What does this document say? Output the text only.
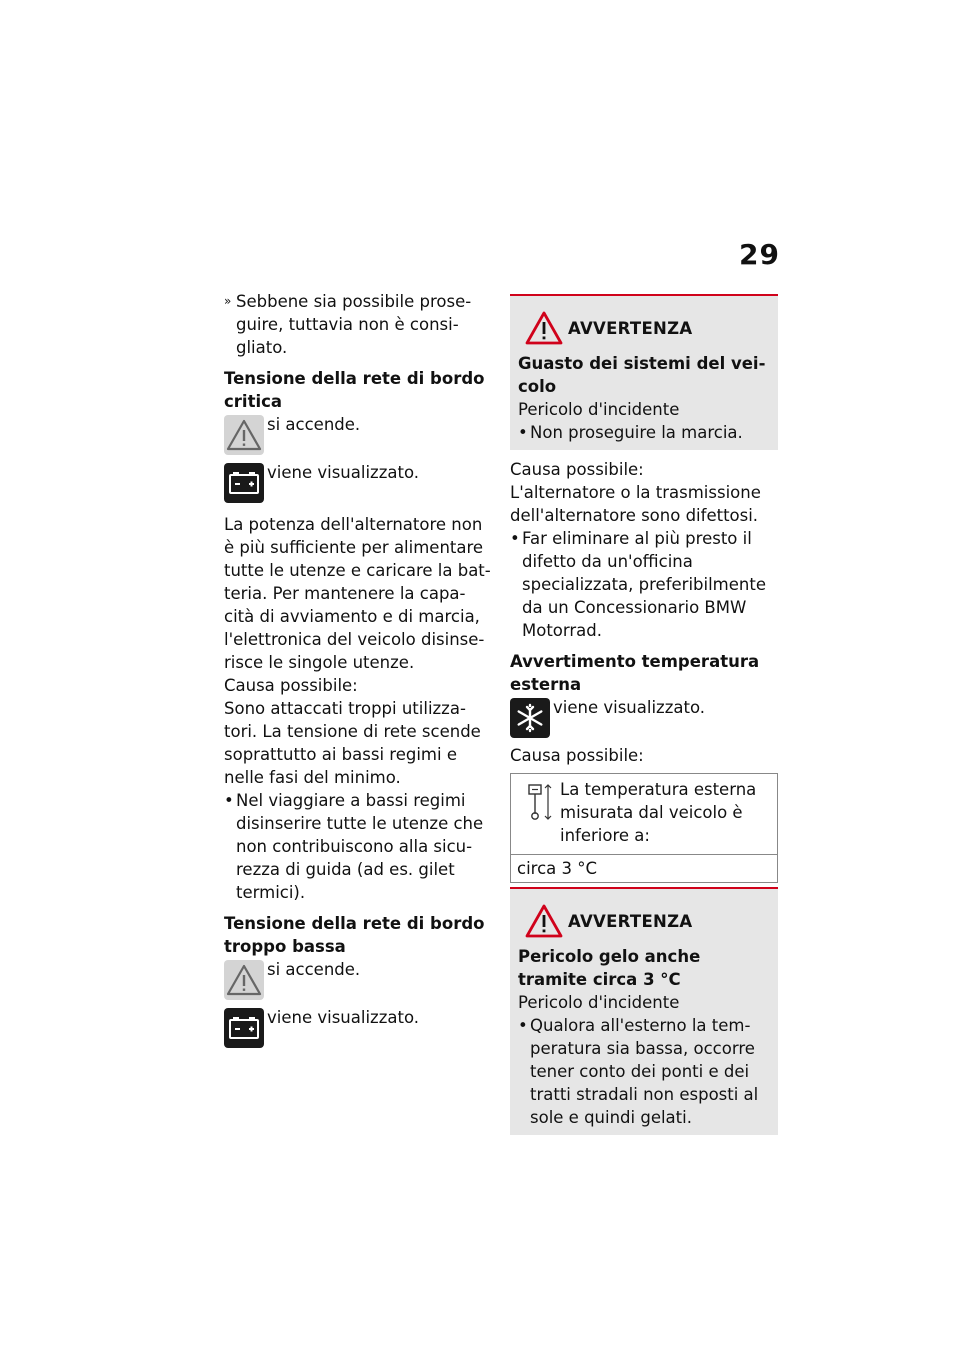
29
» Sebbene sia possibile prose-guire, tuttavia non è consi-gliato.
Tensione della rete di bordo critica
si accende.
viene visualizzato.
La potenza dell'alternatore non è più sufficiente per alimentare tutte le utenze e caricare la bat-teria. Per mantenere la capa-cità di avviamento e di marcia, l'elettronica del veicolo disinse-risce le singole utenze.
Causa possibile:
Sono attaccati troppi utilizza-tori. La tensione di rete scende soprattutto ai bassi regimi e nelle fasi del minimo.
• Nel viaggiare a bassi regimi disinserire tutte le utenze che non contribuiscono alla sicu-rezza di guida (ad es. gilet termici).
Tensione della rete di bordo troppo bassa
si accende.
viene visualizzato.
AVVERTENZA
Guasto dei sistemi del vei-colo
Pericolo d'incidente
• Non proseguire la marcia.
Causa possibile:
L'alternatore o la trasmissione dell'alternatore sono difettosi.
• Far eliminare al più presto il difetto da un'officina specializzata, preferibilmente da un Concessionario BMW Motorrad.
Avvertimento temperatura esterna
viene visualizzato.
Causa possibile:
La temperatura esterna misurata dal veicolo è inferiore a:
circa 3 °C
AVVERTENZA
Pericolo gelo anche tramite circa 3 °C
Pericolo d'incidente
• Qualora all'esterno la tem-peratura sia bassa, occorre tener conto dei ponti e dei tratti stradali non esposti al sole e quindi gelati.
